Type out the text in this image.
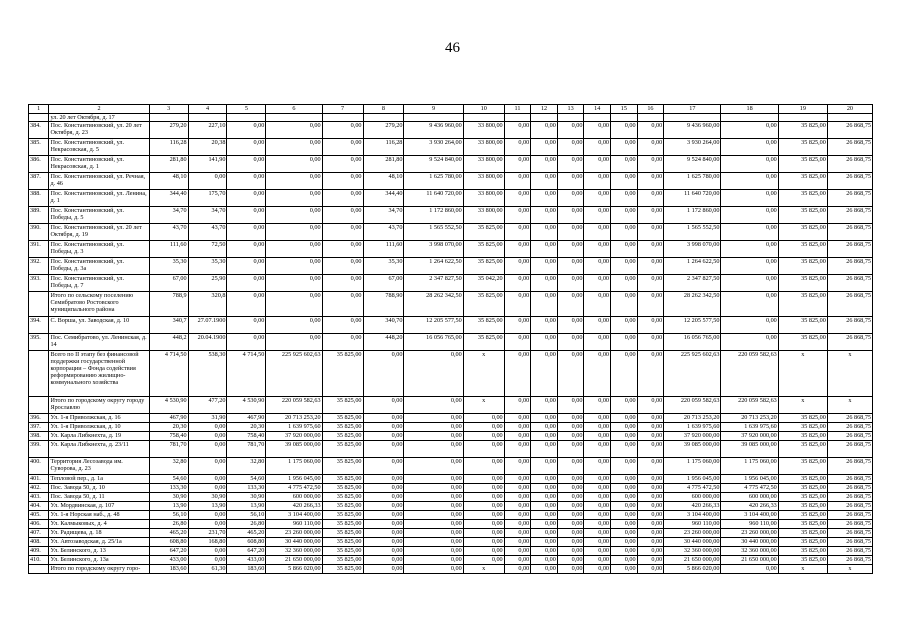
46
1	2	3	4	5	6	7	8	9	10	11	12	13	14	15	16	17	18	19	20
	ул. 20 лет Октября, д. 17																		
384.	Пос. Константиновский, ул. 20 лет Октября, д. 23	279,20	227,10	0,00	0,00	0,00	279,20	9 436 960,00	33 800,00	0,00	0,00	0,00	0,00	0,00	0,00	9 436 960,00	0,00	35 825,00	26 868,75
385.	Пос. Константиновский, ул. Некрасовская, д. 5	116,28	20,38	0,00	0,00	0,00	116,28	3 930 264,00	33 800,00	0,00	0,00	0,00	0,00	0,00	0,00	3 930 264,00	0,00	35 825,00	26 868,75
386.	Пос. Константиновский, ул. Некрасовская, д. 1	281,80	141,90	0,00	0,00	0,00	281,80	9 524 840,00	33 800,00	0,00	0,00	0,00	0,00	0,00	0,00	9 524 840,00	0,00	35 825,00	26 868,75
387.	Пос. Константиновский, ул. Речная, д. 46	48,10	0,00	0,00	0,00	0,00	48,10	1 625 780,00	33 800,00	0,00	0,00	0,00	0,00	0,00	0,00	1 625 780,00	0,00	35 825,00	26 868,75
388.	Пос. Константиновский, ул. Ленина, д. 1	344,40	175,70	0,00	0,00	0,00	344,40	11 640 720,00	33 800,00	0,00	0,00	0,00	0,00	0,00	0,00	11 640 720,00	0,00	35 825,00	26 868,75
389.	Пос. Константиновский, ул. Победы, д. 5	34,70	34,70	0,00	0,00	0,00	34,70	1 172 860,00	33 800,00	0,00	0,00	0,00	0,00	0,00	0,00	1 172 860,00	0,00	35 825,00	26 868,75
390.	Пос. Константиновский, ул. 20 лет Октября, д. 19	43,70	43,70	0,00	0,00	0,00	43,70	1 565 552,50	35 825,00	0,00	0,00	0,00	0,00	0,00	0,00	1 565 552,50	0,00	35 825,00	26 868,75
391.	Пос. Константиновский, ул. Победы, д. 3	111,60	72,50	0,00	0,00	0,00	111,60	3 998 070,00	35 825,00	0,00	0,00	0,00	0,00	0,00	0,00	3 998 070,00	0,00	35 825,00	26 868,75
392.	Пос. Константиновский, ул. Победы, д. 3а	35,30	35,30	0,00	0,00	0,00	35,30	1 264 622,50	35 825,00	0,00	0,00	0,00	0,00	0,00	0,00	1 264 622,50	0,00	35 825,00	26 868,75
393.	Пос. Константиновский, ул. Победы, д. 7	67,00	25,90	0,00	0,00	0,00	67,00	2 347 827,50	35 042,20	0,00	0,00	0,00	0,00	0,00	0,00	2 347 827,50	0,00	35 825,00	26 868,75
	Итого по сельскому поселению Семибратово Ростовского муниципального района	788,9	320,8	0,00	0,00	0,00	788,90	28 262 342,50	35 825,00	0,00	0,00	0,00	0,00	0,00	0,00	28 262 342,50	0,00	35 825,00	26 868,75
394.	С. Ворша, ул. Заводская, д. 10	340,7	27.07.1900	0,00	0,00	0,00	340,70	12 205 577,50	35 825,00	0,00	0,00	0,00	0,00	0,00	0,00	12 205 577,50	0,00	35 825,00	26 868,75
395.	Пос. Семибратово, ул. Ленинская, д. 14	448,2	20.04.1900	0,00	0,00	0,00	448,20	16 056 765,00	35 825,00	0,00	0,00	0,00	0,00	0,00	0,00	16 056 765,00	0,00	35 825,00	26 868,75
	Всего по II этапу без финансовой поддержки государственной корпорации – Фонда содействия реформированию жилищно-коммунального хозяйства	4 714,50	538,30	4 714,50	225 925 602,63	35 825,00	0,00	0,00	x	0,00	0,00	0,00	0,00	0,00	0,00	225 925 602,63	220 059 582,63	x	x
	Итого по городскому округу городу Ярославлю	4 530,90	477,20	4 530,90	220 059 582,63	35 825,00	0,00	0,00	x	0,00	0,00	0,00	0,00	0,00	0,00	220 059 582,63	220 059 582,63	x	x
396.	Ул. 1-я Приволжская, д. 16	467,90	31,90	467,90	20 713 253,20	35 825,00	0,00	0,00	0,00	0,00	0,00	0,00	0,00	0,00	0,00	20 713 253,20	20 713 253,20	35 825,00	26 868,75
397.	Ул. 1-я Приволжская, д. 10	20,30	0,00	20,30	1 639 975,60	35 825,00	0,00	0,00	0,00	0,00	0,00	0,00	0,00	0,00	0,00	1 639 975,60	1 639 975,60	35 825,00	26 868,75
398.	Ул. Карла Либкнехта, д. 19	758,40	0,00	758,40	37 920 000,00	35 825,00	0,00	0,00	0,00	0,00	0,00	0,00	0,00	0,00	0,00	37 920 000,00	37 920 000,00	35 825,00	26 868,75
399.	Ул. Карла Либкнехта, д. 23/11	781,70	0,00	781,70	39 085 000,00	35 825,00	0,00	0,00	0,00	0,00	0,00	0,00	0,00	0,00	0,00	39 085 000,00	39 085 000,00	35 825,00	26 868,75
400.	Территория Лесозавода им. Суворова, д. 23	32,80	0,00	32,80	1 175 060,00	35 825,00	0,00	0,00	0,00	0,00	0,00	0,00	0,00	0,00	0,00	1 175 060,00	1 175 060,00	35 825,00	26 868,75
401.	Тепловой пер., д. 1а	54,60	0,00	54,60	1 956 045,00	35 825,00	0,00	0,00	0,00	0,00	0,00	0,00	0,00	0,00	0,00	1 956 045,00	1 956 045,00	35 825,00	26 868,75
402.	Пос. Завода 50, д. 10	133,30	0,00	133,30	4 775 472,50	35 825,00	0,00	0,00	0,00	0,00	0,00	0,00	0,00	0,00	0,00	4 775 472,50	4 775 472,50	35 825,00	26 868,75
403.	Пос. Завода 50, д. 11	30,90	30,90	30,90	600 000,00	35 825,00	0,00	0,00	0,00	0,00	0,00	0,00	0,00	0,00	0,00	600 000,00	600 000,00	35 825,00	26 868,75
404.	Ул. Мордвинская, д. 107	13,90	13,90	13,90	420 266,33	35 825,00	0,00	0,00	0,00	0,00	0,00	0,00	0,00	0,00	0,00	420 266,33	420 266,33	35 825,00	26 868,75
405.	Ул. 1-я Норская наб., д. 48	56,10	0,00	56,10	3 104 400,00	35 825,00	0,00	0,00	0,00	0,00	0,00	0,00	0,00	0,00	0,00	3 104 400,00	3 104 400,00	35 825,00	26 868,75
406.	Ул. Калмыковых, д. 4	26,80	0,00	26,80	960 110,00	35 825,00	0,00	0,00	0,00	0,00	0,00	0,00	0,00	0,00	0,00	960 110,00	960 110,00	35 825,00	26 868,75
407.	Ул. Радищева, д. 18	465,20	231,70	465,20	23 260 000,00	35 825,00	0,00	0,00	0,00	0,00	0,00	0,00	0,00	0,00	0,00	23 260 000,00	23 260 000,00	35 825,00	26 868,75
408.	Ул. Автозаводская, д. 25/1а	608,80	168,80	608,80	30 440 000,00	35 825,00	0,00	0,00	0,00	0,00	0,00	0,00	0,00	0,00	0,00	30 440 000,00	30 440 000,00	35 825,00	26 868,75
409.	Ул. Белинского, д. 13	647,20	0,00	647,20	32 360 000,00	35 825,00	0,00	0,00	0,00	0,00	0,00	0,00	0,00	0,00	0,00	32 360 000,00	32 360 000,00	35 825,00	26 868,75
410.	Ул. Белинского, д. 13а	433,00	0,00	433,00	21 650 000,00	35 825,00	0,00	0,00	0,00	0,00	0,00	0,00	0,00	0,00	0,00	21 650 000,00	21 650 000,00	35 825,00	26 868,75
	Итого по городскому округу горо-	183,60	61,30	183,60	5 866 020,00	35 825,00	0,00	0,00	x	0,00	0,00	0,00	0,00	0,00	0,00	5 866 020,00	0,00	x	x
